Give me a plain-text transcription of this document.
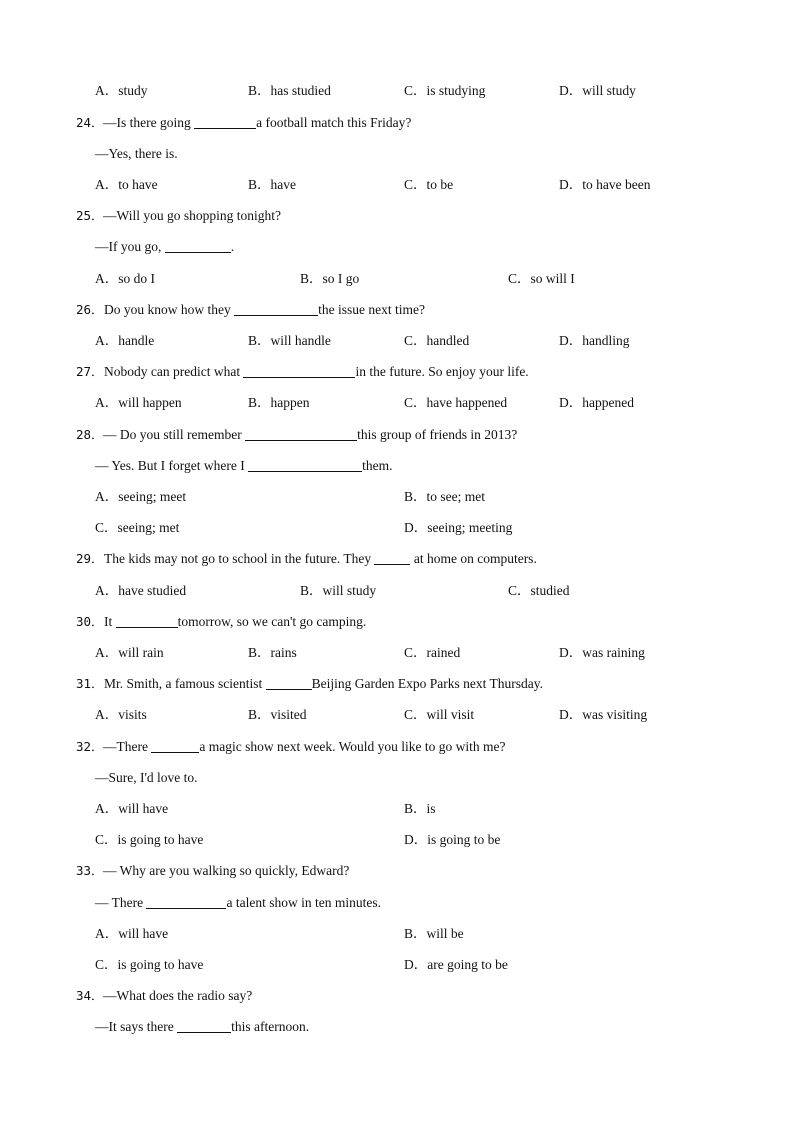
A．study	B．has studied	C．is studying	D．will study
24． —Is there going	a football match this Friday?
—Yes, there is.
A．to have	B．have	C．to be	D．to have been
25． —Will you go shopping tonight?
—If you go,	.
A．so do I	B．so I go	C．so will I
26． Do you know how they	the issue next time?
A．handle	B．will handle	C．handled	D．handling
27． Nobody can predict what	in the future. So enjoy your life.
A．will happen	B．happen	C．have happened	D．happened
28． — Do you still remember	this group of friends in 2013?
— Yes. But I forget where I	them.
A．seeing; meet	B．to see; met
C．seeing; met	D．seeing; meeting
29． The kids may not go to school in the future. They	at home on computers.
A．have studied	B．will study	C．studied
30． It	tomorrow, so we can't go camping.
A．will rain	B．rains	C．rained	D．was raining
31． Mr. Smith, a famous scientist	Beijing Garden Expo Parks next Thursday.
A．visits	B．visited	C．will visit	D．was visiting
32． —There	a magic show next week. Would you like to go with me?
—Sure, I'd love to.
A．will have	B．is
C．is going to have	D．is going to be
33． — Why are you walking so quickly, Edward?
— There	a talent show in ten minutes.
A．will have	B．will be
C．is going to have	D．are going to be
34． —What does the radio say?
—It says there	this afternoon.
